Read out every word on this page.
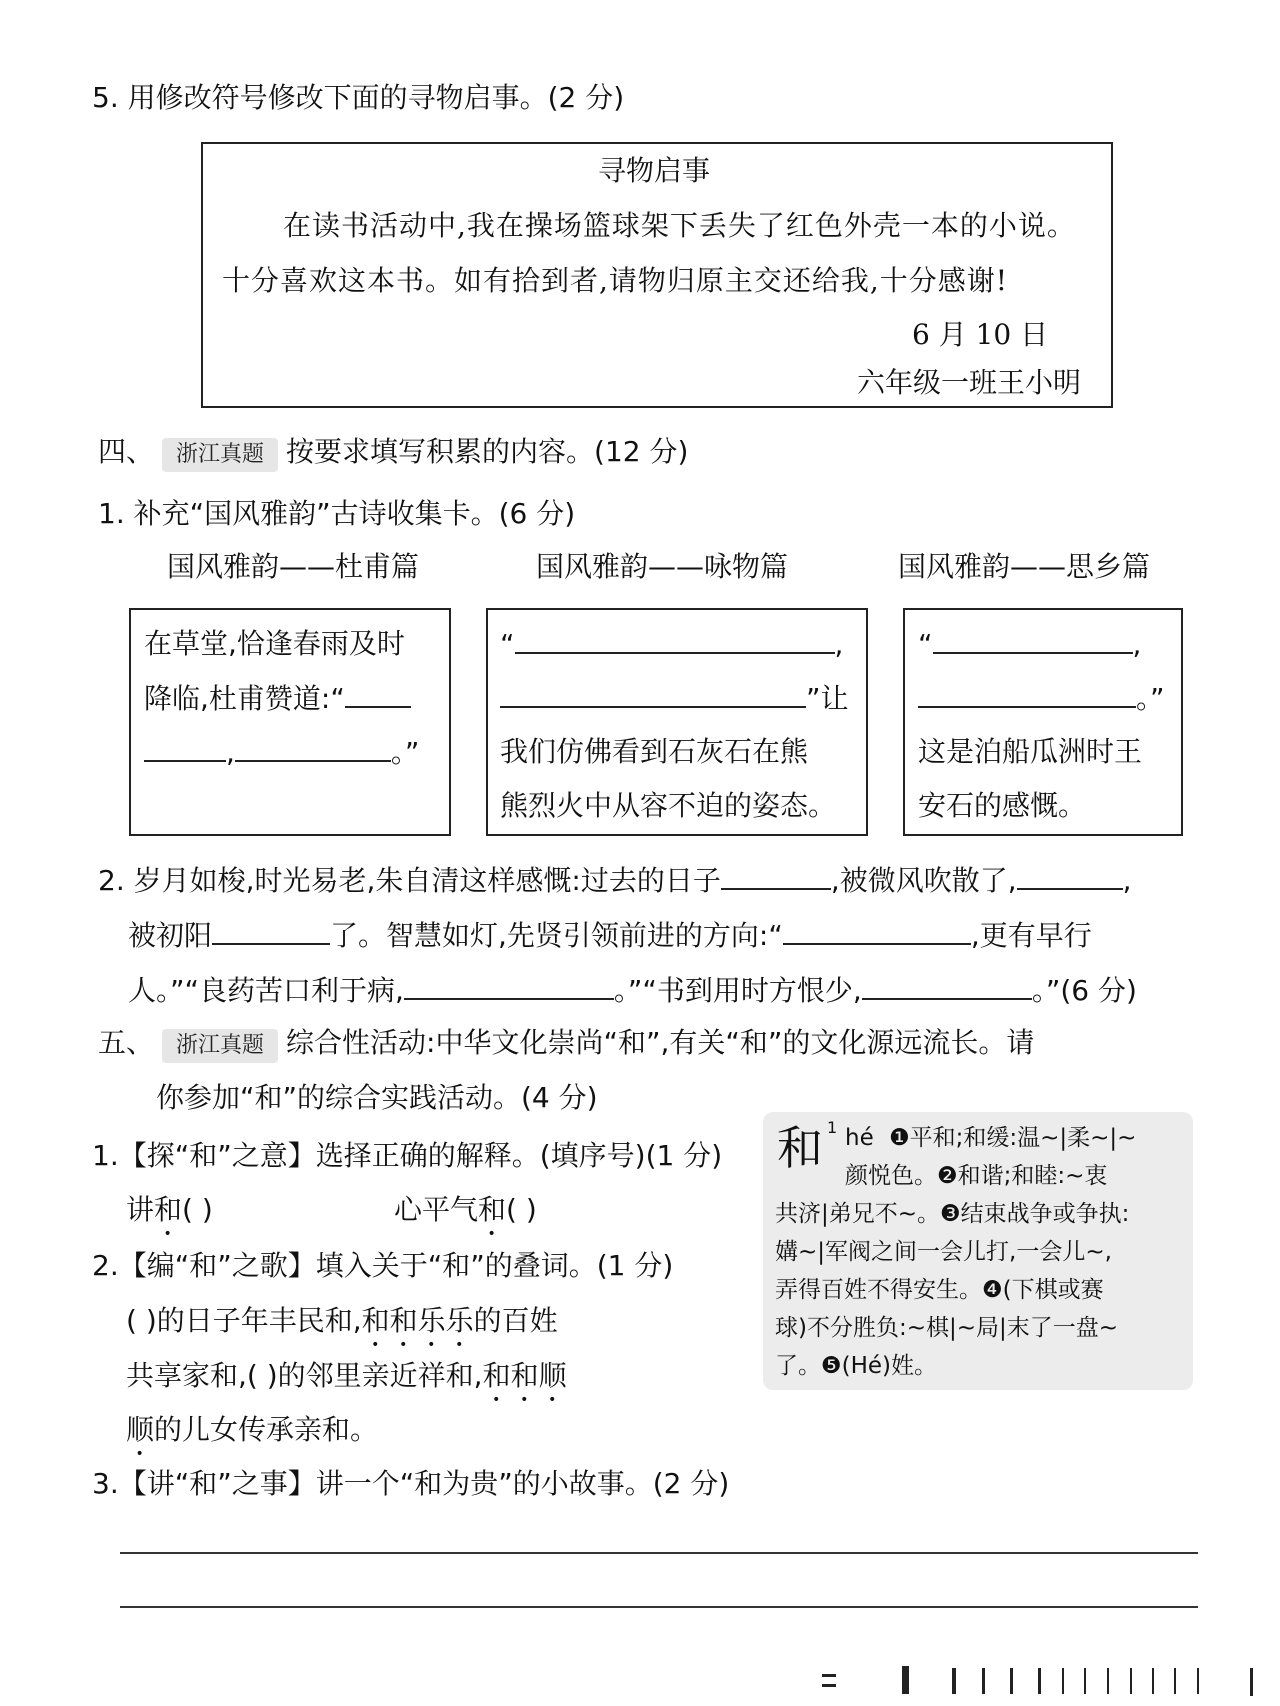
5. 用修改符号修改下面的寻物启事。(2 分)
寻物启事
在读书活动中,我在操场篮球架下丢失了红色外壳一本的小说。
十分喜欢这本书。如有拾到者,请物归原主交还给我,十分感谢!
6 月 10 日
六年级一班王小明
四、 浙江真题 按要求填写积累的内容。(12 分)
1. 补充“国风雅韵”古诗收集卡。(6 分)
国风雅韵——杜甫篇	国风雅韵——咏物篇	国风雅韵——思乡篇
在草堂,恰逢春雨及时
降临,杜甫赞道:“
,	。”
“	,
”让
我们仿佛看到石灰石在熊
熊烈火中从容不迫的姿态。
“	,
。”
这是泊船瓜洲时王
安石的感慨。
2. 岁月如梭,时光易老,朱自清这样感慨:过去的日子	,被微风吹散了,	,
被初阳	了。智慧如灯,先贤引领前进的方向:“	,更有早行
人。”“良药苦口利于病,	。”“书到用时方恨少,	。”(6 分)
五、 浙江真题 综合性活动:中华文化崇尚“和”,有关“和”的文化源远流长。请
你参加“和”的综合实践活动。(4 分)
1.【探“和”之意】选择正确的解释。(填序号)(1 分)
讲和( )	心平气和( )
2.【编“和”之歌】填入关于“和”的叠词。(1 分)
( )的日子年丰民和,和和乐乐的百姓
共享家和,( )的邻里亲近祥和,和和顺
顺的儿女传承亲和。
3.【讲“和”之事】讲一个“和为贵”的小故事。(2 分)
和 1 hé ❶平和;和缓:温~|柔~|~
颜悦色。❷和谐;和睦:~衷
共济|弟兄不~。❸结束战争或争执:
媾~|军阀之间一会儿打,一会儿~,
弄得百姓不得安生。❹(下棋或赛
球)不分胜负:~棋|~局|末了一盘~
了。❺(Hé)姓。
